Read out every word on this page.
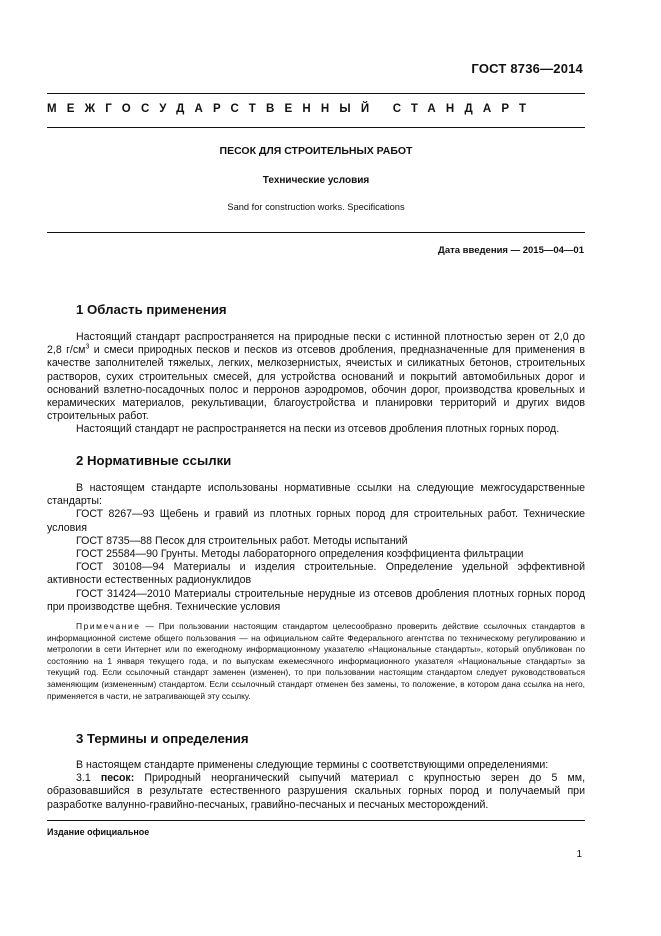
ГОСТ 8736—2014
МЕЖГОСУДАРСТВЕННЫЙ СТАНДАРТ
ПЕСОК ДЛЯ СТРОИТЕЛЬНЫХ РАБОТ
Технические условия
Sand for construction works. Specifications
Дата введения — 2015—04—01
1 Область применения

Настоящий стандарт распространяется на природные пески с истинной плотностью зерен от 2,0 до 2,8 $г/см^3$ и смеси природных песков и песков из отсевов дробления, предназначенные для применения в качестве заполнителей тяжелых, легких, мелкозернистых, ячеистых и силикатных бетонов, строительных растворов, сухих строительных смесей, для устройства оснований и покрытий автомобильных дорог и оснований взлетно-посадочных полос и перронов аэродромов, обочин дорог, производства кровельных и керамических материалов, рекультивации, благоустройства и планировки территорий и других видов строительных работ.

Настоящий стандарт не распространяется на пески из отсевов дробления плотных горных пород.

2 Нормативные ссылки

В настоящем стандарте использованы нормативные ссылки на следующие межгосударственные стандарты:

ГОСТ 8267—93 Щебень и гравий из плотных горных пород для строительных работ. Технические условия

ГОСТ 8735—88 Песок для строительных работ. Методы испытаний

ГОСТ 25584—90 Грунты. Методы лабораторного определения коэффициента фильтрации

ГОСТ 30108—94 Материалы и изделия строительные. Определение удельной эффективной активности естественных радионуклидов

ГОСТ 31424—2010 Материалы строительные нерудные из отсевов дробления плотных горных пород при производстве щебня. Технические условия

Примечание — При пользовании настоящим стандартом целесообразно проверить действие ссылочных стандартов в информационной системе общего пользования — на официальном сайте Федерального агентства по техническому регулированию и метрологии в сети Интернет или по ежегодному информационному указателю «Национальные стандарты», который опубликован по состоянию на 1 января текущего года, и по выпускам ежемесячного информационного указателя «Национальные стандарты» за текущий год. Если ссылочный стандарт заменен (изменен), то при пользовании настоящим стандартом следует руководствоваться заменяющим (измененным) стандартом. Если ссылочный стандарт отменен без замены, то положение, в котором дана ссылка на него, применяется в части, не затрагивающей эту ссылку.
3 Термины и определения

В настоящем стандарте применены следующие термины с соответствующими определениями:

3.1 песок: Природный неорганический сыпучий материал с крупностью зерен до 5 мм, образовавшийся в результате естественного разрушения скальных горных пород и получаемый при разработке валунно-гравийно-песчаных, гравийно-песчаных и песчаных месторождений.

Издание официальное
1
